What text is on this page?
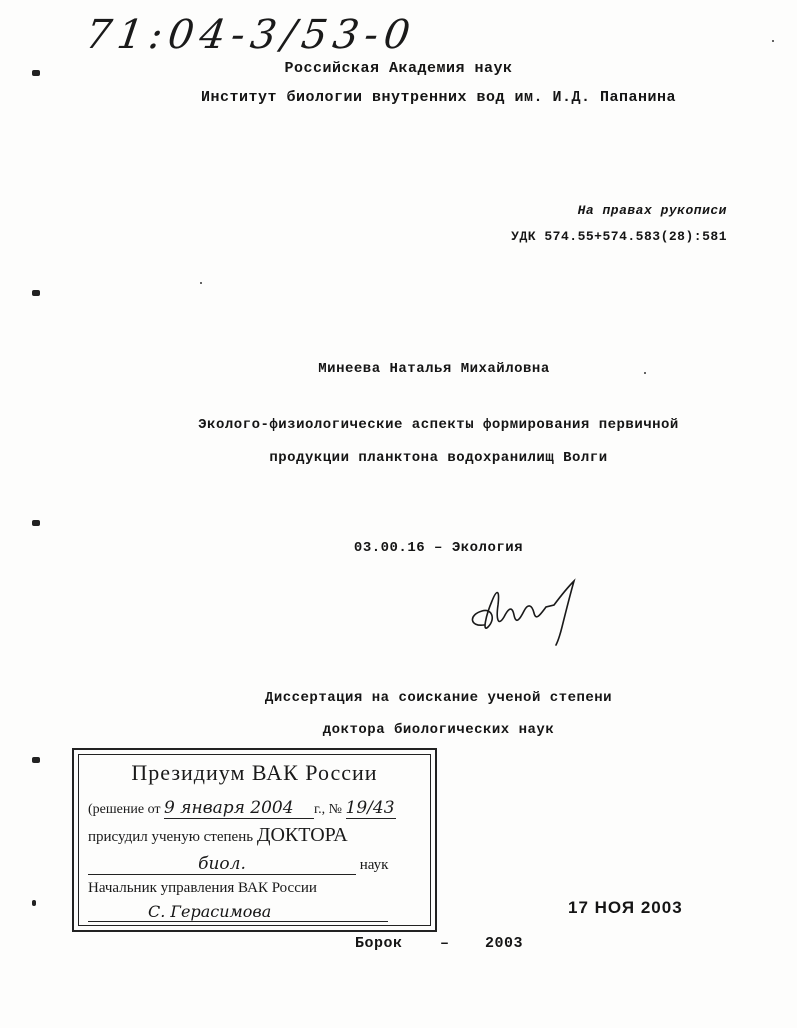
71:04-3/53-0
Российская Академия наук
Институт биологии внутренних вод им. И.Д. Папанина
На правах рукописи
УДК 574.55+574.583(28):581
Минеева Наталья Михайловна
Эколого-физиологические аспекты формирования первичной
продукции планктона водохранилищ Волги
03.00.16 – Экология
Диссертация на соискание ученой степени
доктора биологических наук
Президиум ВАК России
(решение от 9 января 2004 г., № 19/43
присудил ученую степень ДОКТОРА
биол.	наук
Начальник управления ВАК России
С. Герасимова	17 НОЯ 2003
Борок – 2003
